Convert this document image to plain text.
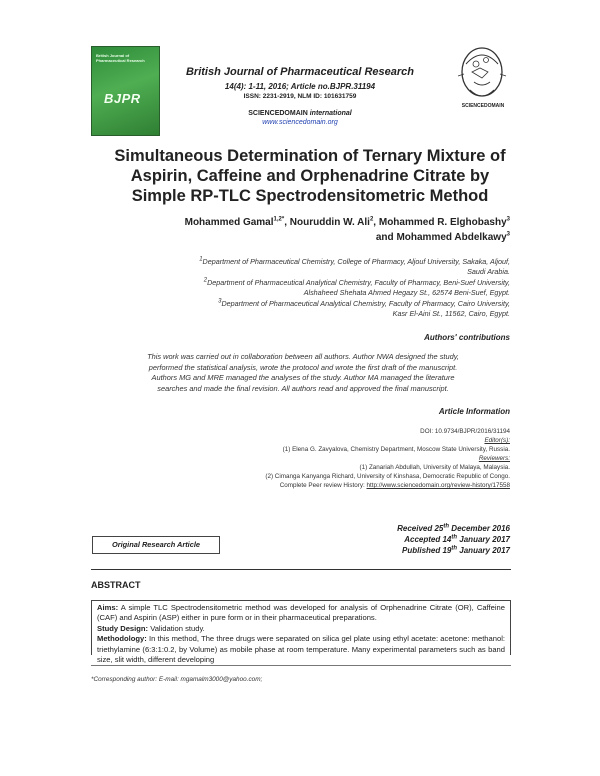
British Journal of Pharmaceutical Research
BJPR
British Journal of Pharmaceutical Research
14(4): 1-11, 2016; Article no.BJPR.31194
ISSN: 2231-2919, NLM ID: 101631759
SCIENCEDOMAIN international
www.sciencedomain.org
SCIENCEDOMAIN
Simultaneous Determination of Ternary Mixture of
Aspirin, Caffeine and Orphenadrine Citrate by
Simple RP-TLC Spectrodensitometric Method
Mohammed Gamal$^{1,2*}$, Nouruddin W. Ali$^2$, Mohammed R. Elghobashy$^3$
and Mohammed Abdelkawy$^3$
$^1$Department of Pharmaceutical Chemistry, College of Pharmacy, Aljouf University, Sakaka, Aljouf,
Saudi Arabia.
$^2$Department of Pharmaceutical Analytical Chemistry, Faculty of Pharmacy, Beni-Suef University,
Alshaheed Shehata Ahmed Hegazy St., 62574 Beni-Suef, Egypt.
$^3$Department of Pharmaceutical Analytical Chemistry, Faculty of Pharmacy, Cairo University,
Kasr El-Aini St., 11562, Cairo, Egypt.
Authors' contributions
This work was carried out in collaboration between all authors. Author NWA designed the study,
performed the statistical analysis, wrote the protocol and wrote the first draft of the manuscript.
Authors MG and MRE managed the analyses of the study. Author MA managed the literature
searches and made the final revision. All authors read and approved the final manuscript.
Article Information
DOI: 10.9734/BJPR/2016/31194
Editor(s):
(1) Elena G. Zavyalova, Chemistry Department, Moscow State University, Russia.
Reviewers:
(1) Zanariah Abdullah, University of Malaya, Malaysia.
(2) Cimanga Kanyanga Richard, University of Kinshasa, Democratic Republic of Congo.
Complete Peer review History: http://www.sciencedomain.org/review-history/17558
Original Research Article
Received 25th December 2016
Accepted 14th January 2017
Published 19th January 2017
ABSTRACT
Aims: A simple TLC Spectrodensitometric method was developed for analysis of Orphenadrine Citrate (OR), Caffeine (CAF) and Aspirin (ASP) either in pure form or in their pharmaceutical preparations.
Study Design: Validation study.
Methodology: In this method, The three drugs were separated on silica gel plate using ethyl acetate: acetone: methanol: triethylamine (6:3:1:0.2, by Volume) as mobile phase at room temperature. Many experimental parameters such as band size, slit width, different developing
*Corresponding author: E-mail: mgamalm3000@yahoo.com;
